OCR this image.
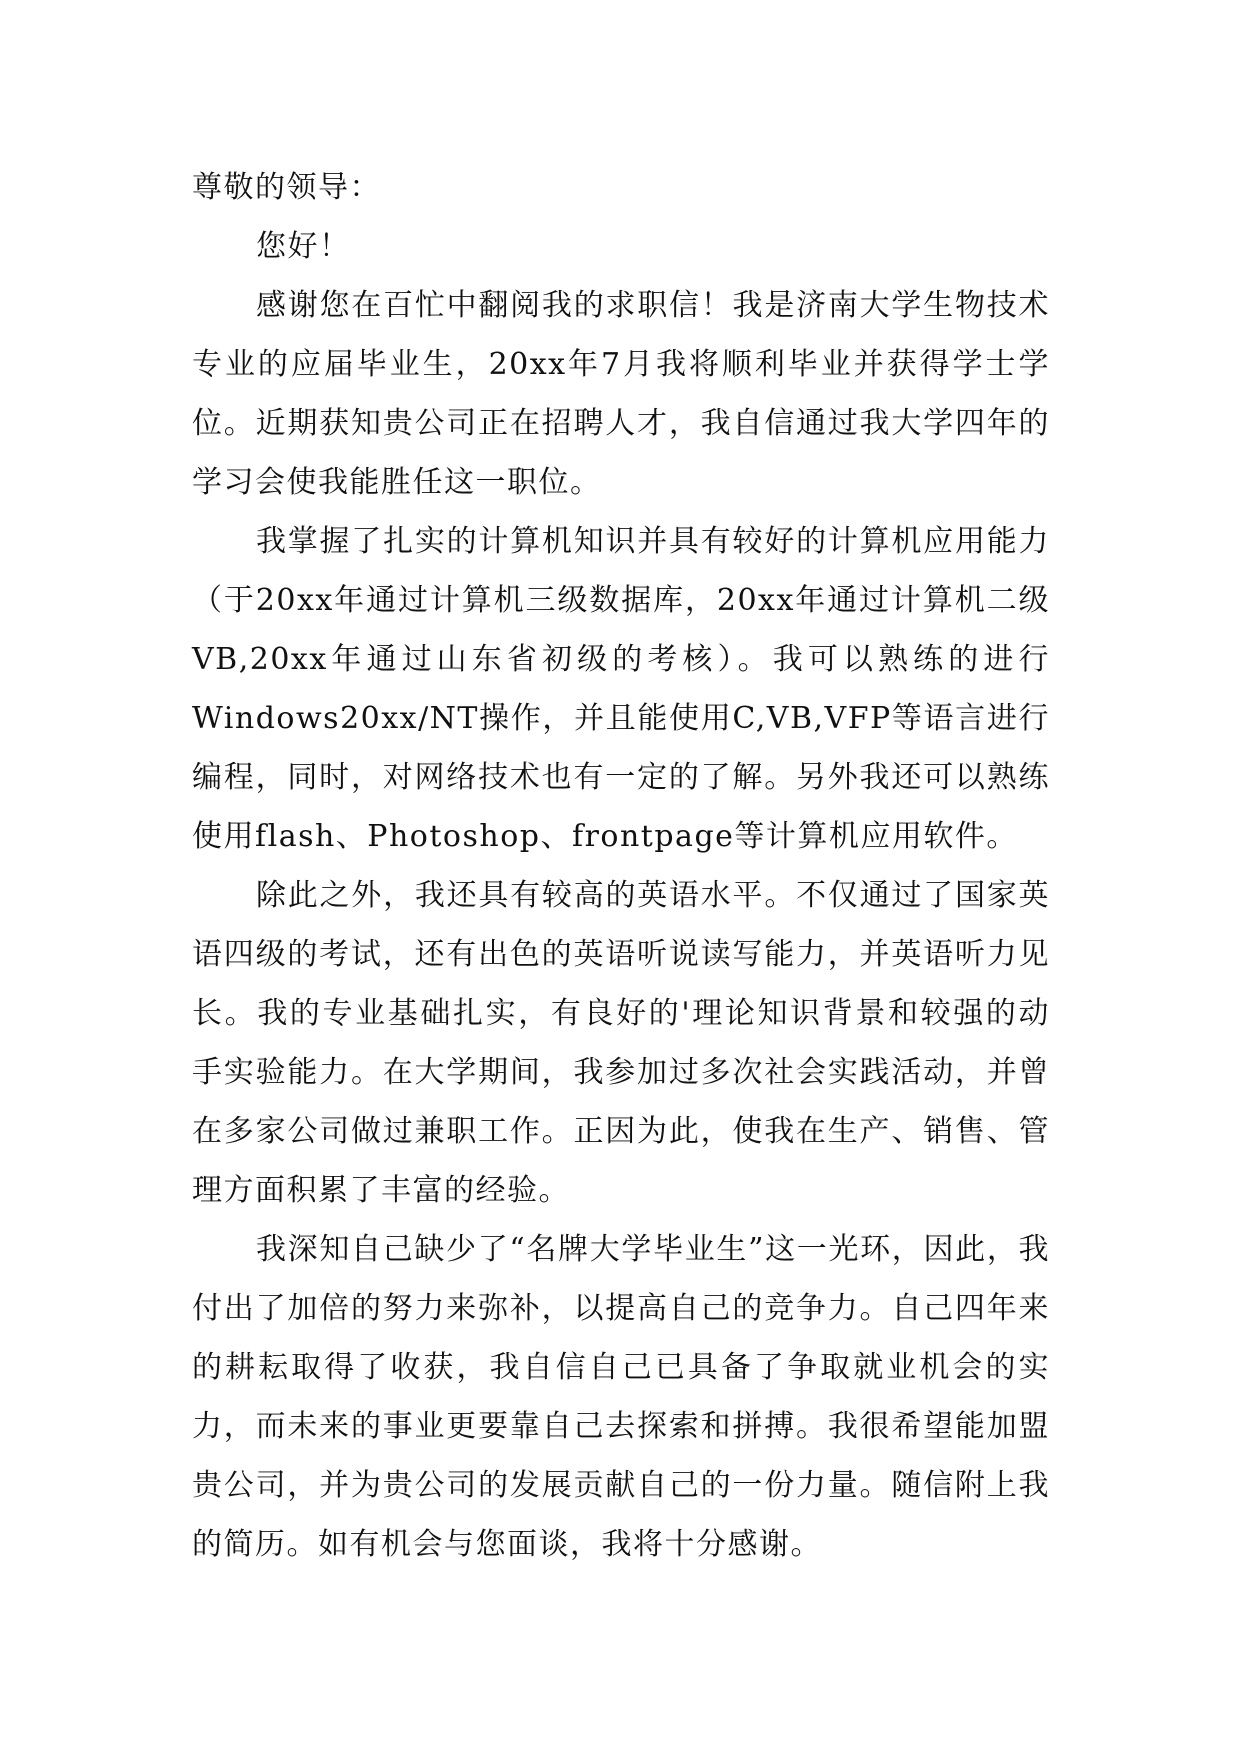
尊敬的领导：

您好！

感谢您在百忙中翻阅我的求职信！我是济南大学生物技术专业的应届毕业生，20xx年7月我将顺利毕业并获得学士学位。近期获知贵公司正在招聘人才，我自信通过我大学四年的学习会使我能胜任这一职位。

我掌握了扎实的计算机知识并具有较好的计算机应用能力（于20xx年通过计算机三级数据库，20xx年通过计算机二级VB,20xx年通过山东省初级的考核）。我可以熟练的进行Windows20xx/NT操作，并且能使用C,VB,VFP等语言进行编程，同时，对网络技术也有一定的了解。另外我还可以熟练使用flash、Photoshop、frontpage等计算机应用软件。

除此之外，我还具有较高的英语水平。不仅通过了国家英语四级的考试，还有出色的英语听说读写能力，并英语听力见长。我的专业基础扎实，有良好的'理论知识背景和较强的动手实验能力。在大学期间，我参加过多次社会实践活动，并曾在多家公司做过兼职工作。正因为此，使我在生产、销售、管理方面积累了丰富的经验。

我深知自己缺少了“名牌大学毕业生”这一光环，因此，我付出了加倍的努力来弥补，以提高自己的竞争力。自己四年来的耕耘取得了收获，我自信自己已具备了争取就业机会的实力，而未来的事业更要靠自己去探索和拼搏。我很希望能加盟贵公司，并为贵公司的发展贡献自己的一份力量。随信附上我的简历。如有机会与您面谈，我将十分感谢。
